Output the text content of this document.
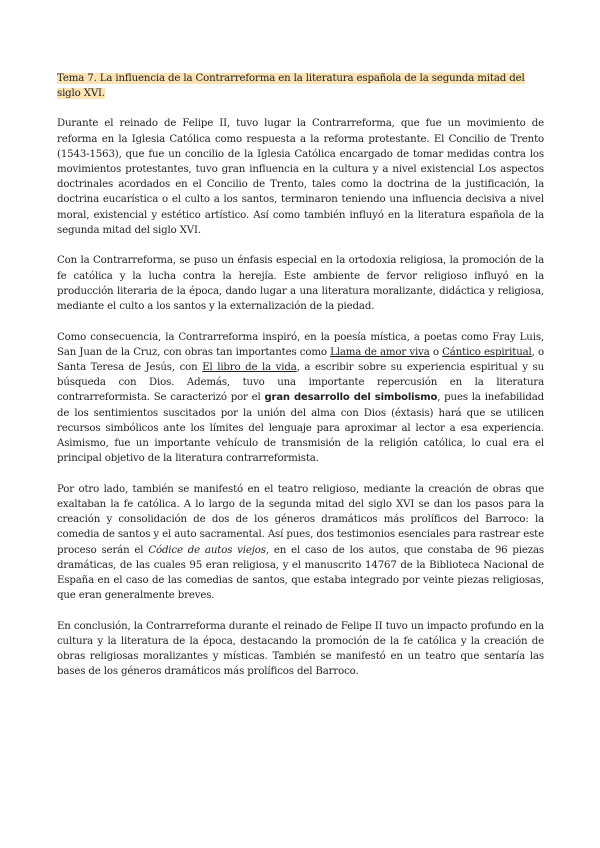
Tema 7. La influencia de la Contrarreforma en la literatura española de la segunda mitad del siglo XVI.

Durante el reinado de Felipe II, tuvo lugar la Contrarreforma, que fue un movimiento de reforma en la Iglesia Católica como respuesta a la reforma protestante. El Concilio de Trento (1543-1563), que fue un concilio de la Iglesia Católica encargado de tomar medidas contra los movimientos protestantes, tuvo gran influencia en la cultura y a nivel existencial Los aspectos doctrinales acordados en el Concilio de Trento, tales como la doctrina de la justificación, la doctrina eucarística o el culto a los santos, terminaron teniendo una influencia decisiva a nivel moral, existencial y estético artístico. Así como también influyó en la literatura española de la segunda mitad del siglo XVI.

Con la Contrarreforma, se puso un énfasis especial en la ortodoxia religiosa, la promoción de la fe católica y la lucha contra la herejía. Este ambiente de fervor religioso influyó en la producción literaria de la época, dando lugar a una literatura moralizante, didáctica y religiosa, mediante el culto a los santos y la externalización de la piedad.

Como consecuencia, la Contrarreforma inspiró, en la poesía mística, a poetas como Fray Luis, San Juan de la Cruz, con obras tan importantes como Llama de amor viva o Cántico espiritual, o Santa Teresa de Jesús, con El libro de la vida, a escribir sobre su experiencia espiritual y su búsqueda con Dios. Además, tuvo una importante repercusión en la literatura contrarreformista. Se caracterizó por el gran desarrollo del simbolismo, pues la inefabilidad de los sentimientos suscitados por la unión del alma con Dios (éxtasis) hará que se utilicen recursos simbólicos ante los límites del lenguaje para aproximar al lector a esa experiencia. Asimismo, fue un importante vehículo de transmisión de la religión católica, lo cual era el principal objetivo de la literatura contrarreformista.

Por otro lado, también se manifestó en el teatro religioso, mediante la creación de obras que exaltaban la fe católica. A lo largo de la segunda mitad del siglo XVI se dan los pasos para la creación y consolidación de dos de los géneros dramáticos más prolíficos del Barroco: la comedia de santos y el auto sacramental. Así pues, dos testimonios esenciales para rastrear este proceso serán el Códice de autos viejos, en el caso de los autos, que constaba de 96 piezas dramáticas, de las cuales 95 eran religiosa, y el manuscrito 14767 de la Biblioteca Nacional de España en el caso de las comedias de santos, que estaba integrado por veinte piezas religiosas, que eran generalmente breves.

En conclusión, la Contrarreforma durante el reinado de Felipe II tuvo un impacto profundo en la cultura y la literatura de la época, destacando la promoción de la fe católica y la creación de obras religiosas moralizantes y místicas. También se manifestó en un teatro que sentaría las bases de los géneros dramáticos más prolíficos del Barroco.
